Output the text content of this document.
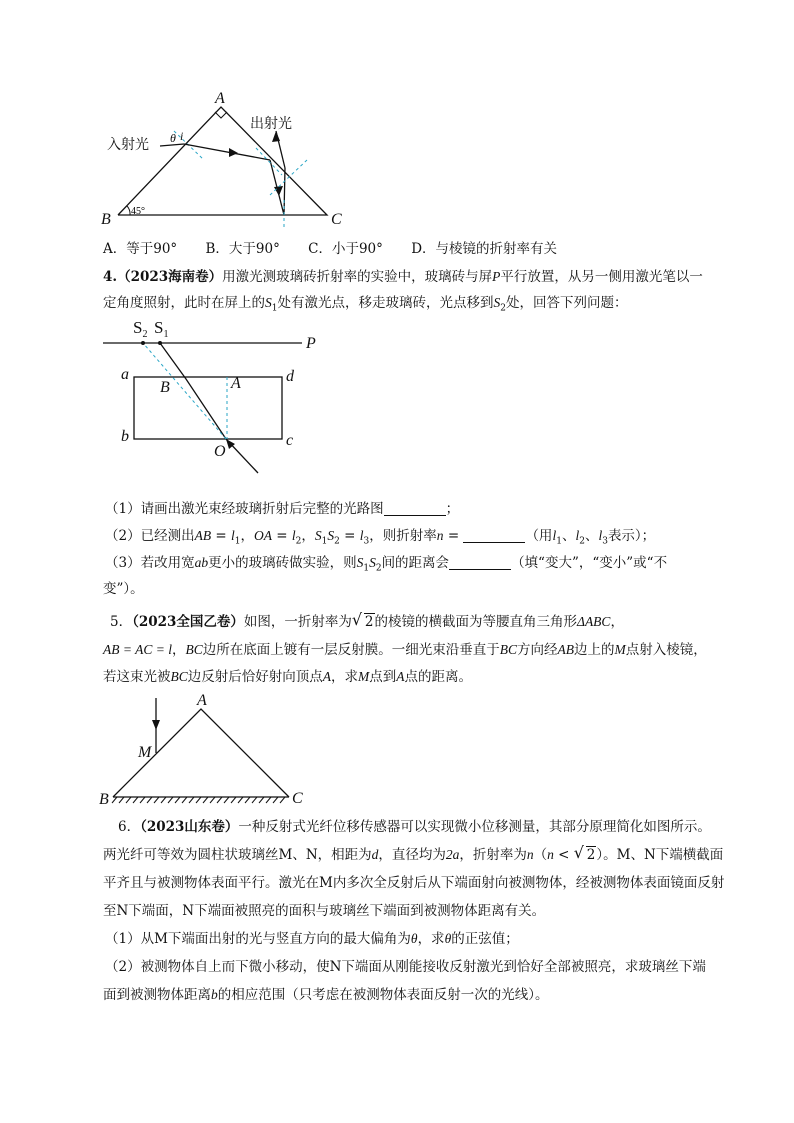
A
B	C
θ i
45°
入射光
出射光
A．等于90° B．大于90° C．小于90° D．与棱镜的折射率有关
4.（2023海南卷）用激光测玻璃砖折射率的实验中，玻璃砖与屏P平行放置，从另一侧用激光笔以一
定角度照射，此时在屏上的$S_1$处有激光点，移走玻璃砖，光点移到$S_2$处，回答下列问题：
$S_2$ $S_1$
P
a
b	c
d
A
B
O
（1）请画出激光束经玻璃折射后完整的光路图	；
（2）已经测出AB = $l_1$，OA = $l_2$，$S_1S_2 = l_3$，则折射率n =	（用$l_1$、$l_2$、$l_3$表示）；
（3）若改用宽ab更小的玻璃砖做实验，则$S_1S_2$间的距离会	（填“变大”，“变小”或“不
变”）。
5．（2023全国乙卷）如图，一折射率为 √ 2的棱镜的横截面为等腰直角三角形ΔABC，
AB = AC = l，BC边所在底面上镀有一层反射膜。一细光束沿垂直于BC方向经AB边上的M点射入棱镜，
若这束光被BC边反射后恰好射向顶点A，求M点到A点的距离。
A
B	C
M
6．（2023山东卷）一种反射式光纤位移传感器可以实现微小位移测量，其部分原理简化如图所示。
两光纤可等效为圆柱状玻璃丝M、N，相距为d，直径均为2a，折射率为n（n < √ 2）。M、N下端横截面
平齐且与被测物体表面平行。激光在M内多次全反射后从下端面射向被测物体，经被测物体表面镜面反射
至N下端面，N下端面被照亮的面积与玻璃丝下端面到被测物体距离有关。
（1）从M下端面出射的光与竖直方向的最大偏角为θ，求θ的正弦值；
（2）被测物体自上而下微小移动，使N下端面从刚能接收反射激光到恰好全部被照亮，求玻璃丝下端
面到被测物体距离b的相应范围（只考虑在被测物体表面反射一次的光线）。
